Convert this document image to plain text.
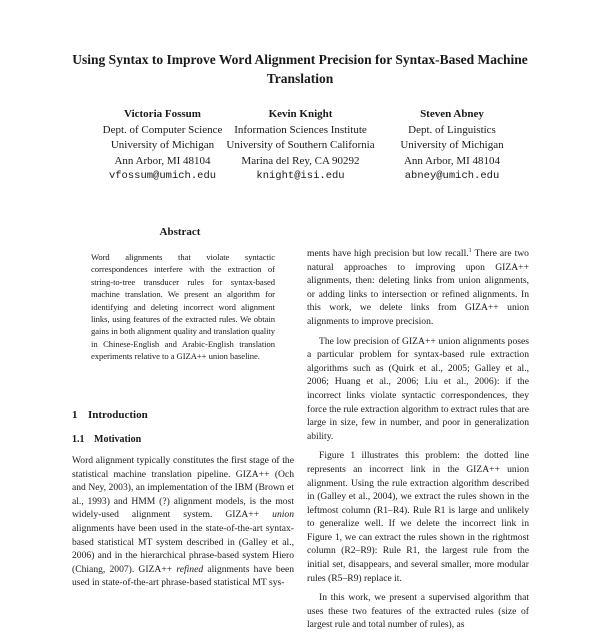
Using Syntax to Improve Word Alignment Precision for Syntax-Based Machine Translation
Victoria Fossum
Dept. of Computer Science
University of Michigan
Ann Arbor, MI 48104
vfossum@umich.edu
Kevin Knight
Information Sciences Institute
University of Southern California
Marina del Rey, CA 90292
knight@isi.edu
Steven Abney
Dept. of Linguistics
University of Michigan
Ann Arbor, MI 48104
abney@umich.edu
Abstract
Word alignments that violate syntactic correspondences interfere with the extraction of string-to-tree transducer rules for syntax-based machine translation. We present an algorithm for identifying and deleting incorrect word alignment links, using features of the extracted rules. We obtain gains in both alignment quality and translation quality in Chinese-English and Arabic-English translation experiments relative to a GIZA++ union baseline.
1 Introduction
1.1 Motivation
Word alignment typically constitutes the first stage of the statistical machine translation pipeline. GIZA++ (Och and Ney, 2003), an implementation of the IBM (Brown et al., 1993) and HMM (?) alignment models, is the most widely-used alignment system. GIZA++ union alignments have been used in the state-of-the-art syntax-based statistical MT system described in (Galley et al., 2006) and in the hierarchical phrase-based system Hiero (Chiang, 2007). GIZA++ refined alignments have been used in state-of-the-art phrase-based statistical MT sys-

ments have high precision but low recall.$^1$ There are two natural approaches to improving upon GIZA++ alignments, then: deleting links from union alignments, or adding links to intersection or refined alignments. In this work, we delete links from GIZA++ union alignments to improve precision.

The low precision of GIZA++ union alignments poses a particular problem for syntax-based rule extraction algorithms such as (Quirk et al., 2005; Galley et al., 2006; Huang et al., 2006; Liu et al., 2006): if the incorrect links violate syntactic correspondences, they force the rule extraction algorithm to extract rules that are large in size, few in number, and poor in generalization ability.

Figure 1 illustrates this problem: the dotted line represents an incorrect link in the GIZA++ union alignment. Using the rule extraction algorithm described in (Galley et al., 2004), we extract the rules shown in the leftmost column (R1–R4). Rule R1 is large and unlikely to generalize well. If we delete the incorrect link in Figure 1, we can extract the rules shown in the rightmost column (R2–R9): Rule R1, the largest rule from the initial set, disappears, and several smaller, more modular rules (R5–R9) replace it.

In this work, we present a supervised algorithm that uses these two features of the extracted rules (size of largest rule and total number of rules), as
